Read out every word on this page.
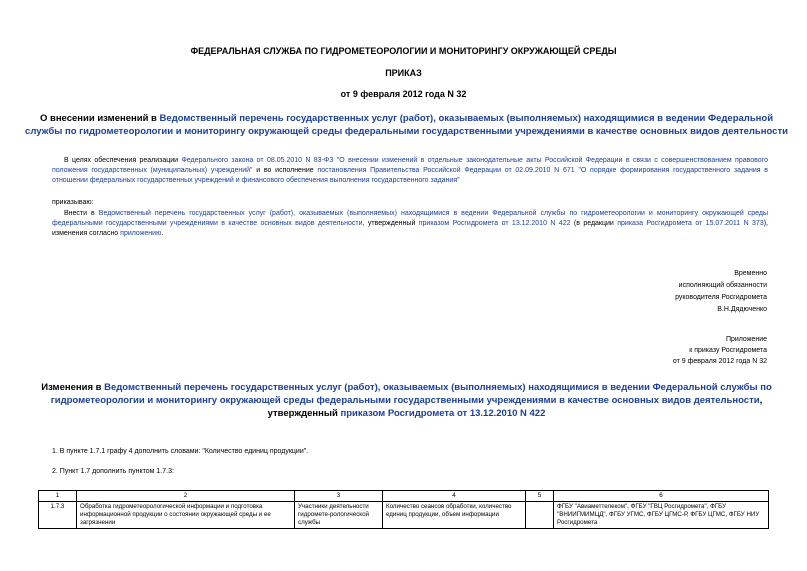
ФЕДЕРАЛЬНАЯ СЛУЖБА ПО ГИДРОМЕТЕОРОЛОГИИ И МОНИТОРИНГУ ОКРУЖАЮЩЕЙ СРЕДЫ
ПРИКАЗ
от 9 февраля 2012 года N 32
О внесении изменений в Ведомственный перечень государственных услуг (работ), оказываемых (выполняемых) находящимися в ведении Федеральной службы по гидрометеорологии и мониторингу окружающей среды федеральными государственными учреждениями в качестве основных видов деятельности
В целях обеспечения реализации Федерального закона от 08.05.2010 N 83-ФЗ "О внесении изменений в отдельные законодательные акты Российской Федерации в связи с совершенствованием правового положения государственных (муниципальных) учреждений" и во исполнение постановления Правительства Российской Федерации от 02.09.2010 N 671 "О порядке формирования государственного задания в отношении федеральных государственных учреждений и финансового обеспечения выполнения государственного задания"
приказываю:
Внести в Ведомственный перечень государственных услуг (работ), оказываемых (выполняемых) находящимися в ведении Федеральной службы по гидрометеорологии и мониторингу окружающей среды федеральными государственными учреждениями в качестве основных видов деятельности, утвержденный приказом Росгидромета от 13.12.2010 N 422 (в редакции приказа Росгидромета от 15.07.2011 N 373), изменения согласно приложению.
Временно
исполняющий обязанности
руководителя Росгидромета
В.Н.Дядюченко
Приложение
к приказу Росгидромета
от 9 февраля 2012 года N 32
Изменения в Ведомственный перечень государственных услуг (работ), оказываемых (выполняемых) находящимися в ведении Федеральной службы по гидрометеорологии и мониторингу окружающей среды федеральными государственными учреждениями в качестве основных видов деятельности, утвержденный приказом Росгидромета от 13.12.2010 N 422
1. В пункте 1.7.1 графу 4 дополнить словами: "Количество единиц продукции".
2. Пункт 1.7 дополнить пунктом 1.7.3:
1	2	3	4	5	6
1.7.3	Обработка гидрометеорологической информации и подготовка информационной продукции о состоянии окружающей среды и ее загрязнении	Участники деятельности гидромете-рологической службы	Количество сеансов обработки, количество единиц продукции, объем информации		ФГБУ "Авиаметтелеком", ФГБУ "ГВЦ Росгидромета", ФГБУ "ВНИИГМИМЦД", ФГБУ УГМС, ФГБУ ЦГМС-Р, ФГБУ ЦГМС, ФГБУ НИУ Росгидромета
